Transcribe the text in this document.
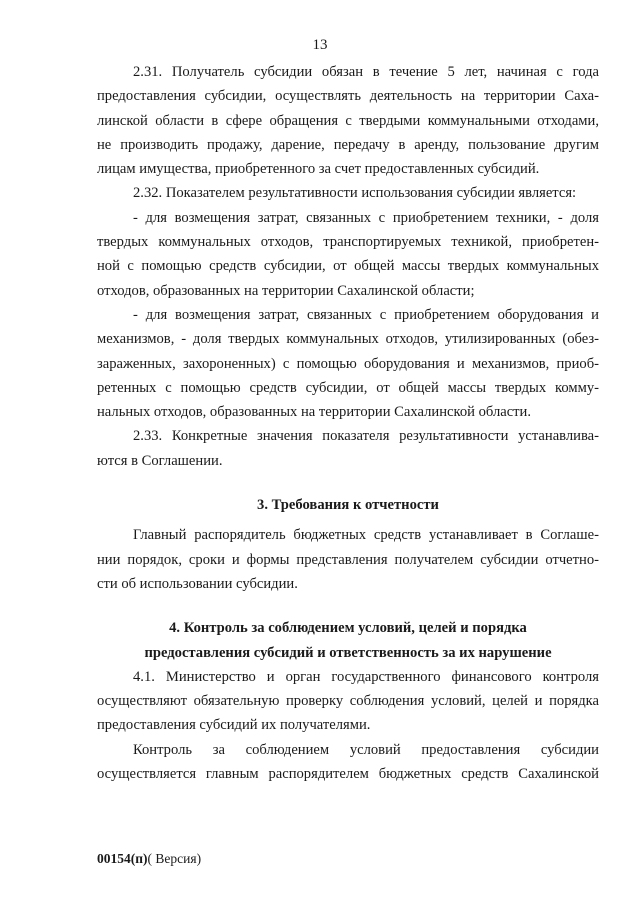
13
2.31. Получатель субсидии обязан в течение 5 лет, начиная с года
предоставления субсидии, осуществлять деятельность на территории Саха-
линской области в сфере обращения с твердыми коммунальными отходами,
не производить продажу, дарение, передачу в аренду, пользование другим
лицам имущества, приобретенного за счет предоставленных субсидий.
2.32. Показателем результативности использования субсидии является:
- для возмещения затрат, связанных с приобретением техники, - доля
твердых коммунальных отходов, транспортируемых техникой, приобретен-
ной с помощью средств субсидии, от общей массы твердых коммунальных
отходов, образованных на территории Сахалинской области;
- для возмещения затрат, связанных с приобретением оборудования и
механизмов, - доля твердых коммунальных отходов, утилизированных (обез-
зараженных, захороненных) с помощью оборудования и механизмов, приоб-
ретенных с помощью средств субсидии, от общей массы твердых комму-
нальных отходов, образованных на территории Сахалинской области.
2.33. Конкретные значения показателя результативности устанавлива-
ются в Соглашении.
3. Требования к отчетности
Главный распорядитель бюджетных средств устанавливает в Соглаше-
нии порядок, сроки и формы представления получателем субсидии отчетно-
сти об использовании субсидии.
4. Контроль за соблюдением условий, целей и порядка
предоставления субсидий и ответственность за их нарушение
4.1. Министерство и орган государственного финансового контроля
осуществляют обязательную проверку соблюдения условий, целей и порядка
предоставления субсидий их получателями.
Контроль за соблюдением условий предоставления субсидии
осуществляется главным распорядителем бюджетных средств Сахалинской
00154(п)( Версия)
